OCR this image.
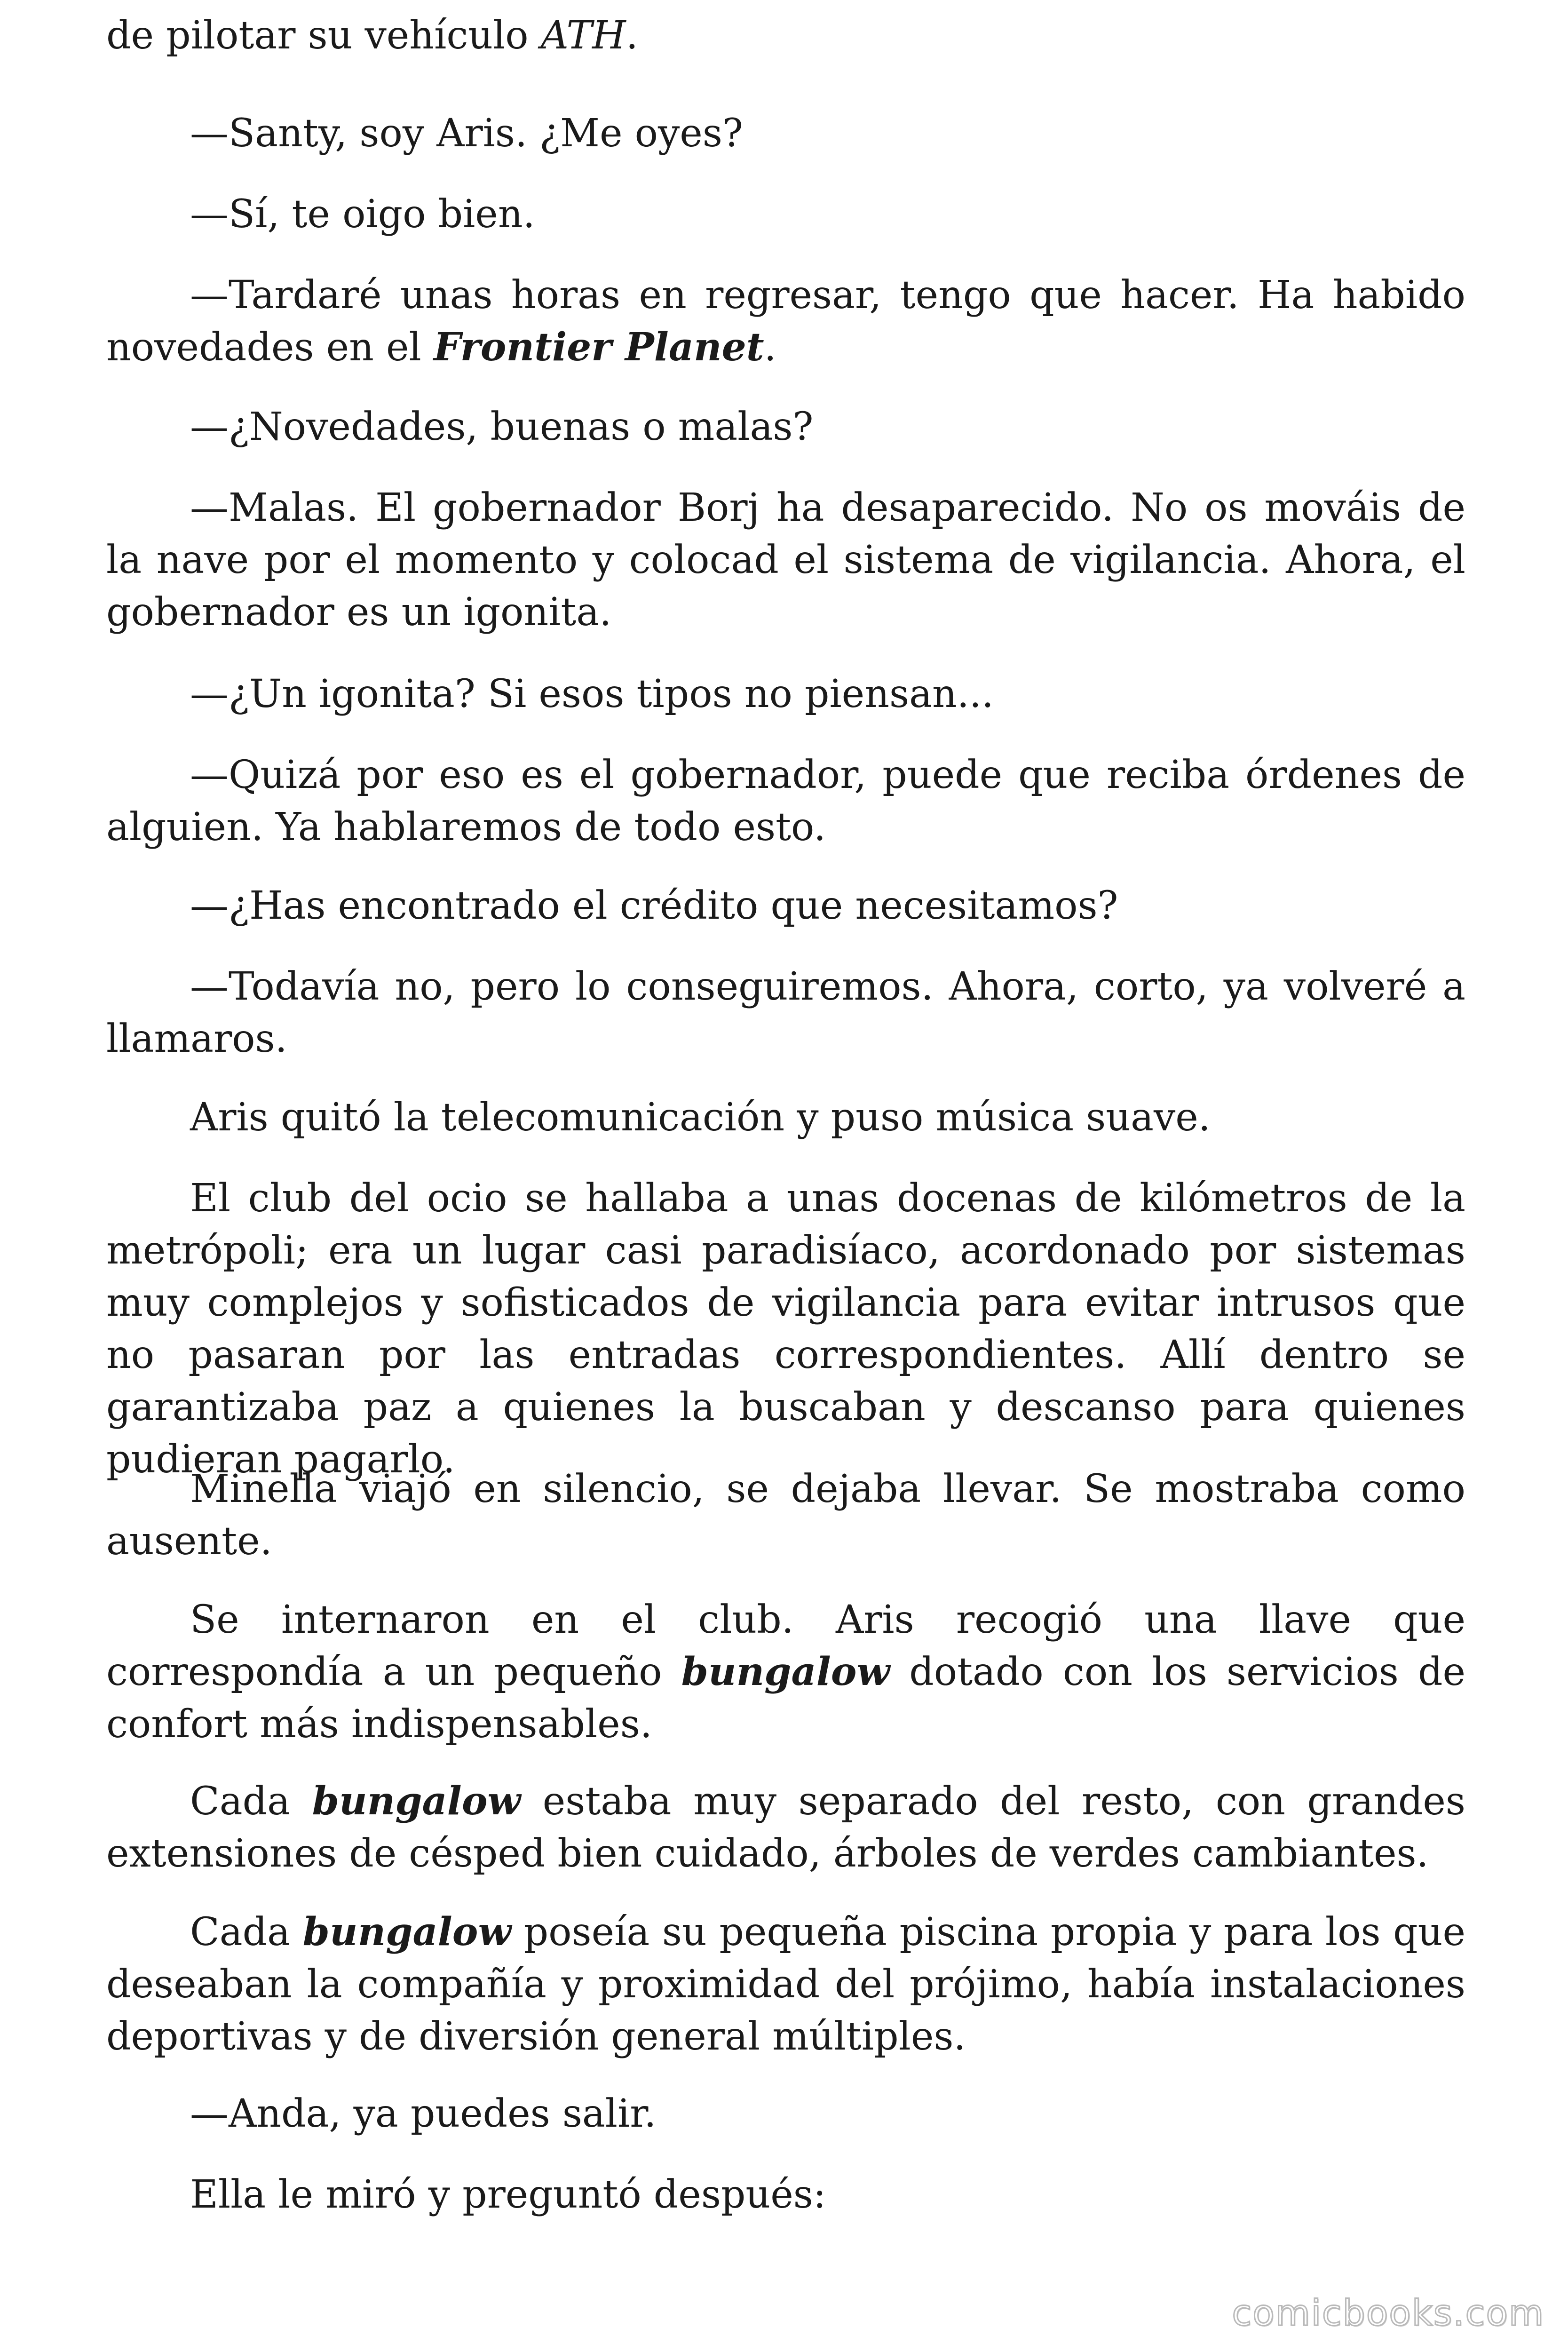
de pilotar su vehículo ATH.

—Santy, soy Aris. ¿Me oyes?

—Sí, te oigo bien.

—Tardaré unas horas en regresar, tengo que hacer. Ha habido novedades en el Frontier Planet.

—¿Novedades, buenas o malas?

—Malas. El gobernador Borj ha desaparecido. No os mováis de la nave por el momento y colocad el sistema de vigilancia. Ahora, el gobernador es un igonita.

—¿Un igonita? Si esos tipos no piensan...

—Quizá por eso es el gobernador, puede que reciba órdenes de alguien. Ya hablaremos de todo esto.

—¿Has encontrado el crédito que necesitamos?

—Todavía no, pero lo conseguiremos. Ahora, corto, ya volveré a llamaros.

Aris quitó la telecomunicación y puso música suave.

El club del ocio se hallaba a unas docenas de kilómetros de la metrópoli; era un lugar casi paradisíaco, acordonado por sistemas muy complejos y sofisticados de vigilancia para evitar intrusos que no pasaran por las entradas correspondientes. Allí dentro se garantizaba paz a quienes la buscaban y descanso para quienes pudieran pagarlo.

Minella viajó en silencio, se dejaba llevar. Se mostraba como ausente.

Se internaron en el club. Aris recogió una llave que correspondía a un pequeño bungalow dotado con los servicios de confort más indispensables.

Cada bungalow estaba muy separado del resto, con grandes extensiones de césped bien cuidado, árboles de verdes cambiantes.

Cada bungalow poseía su pequeña piscina propia y para los que deseaban la compañía y proximidad del prójimo, había instalaciones deportivas y de diversión general múltiples.

—Anda, ya puedes salir.

Ella le miró y preguntó después:

comicbooks.com
